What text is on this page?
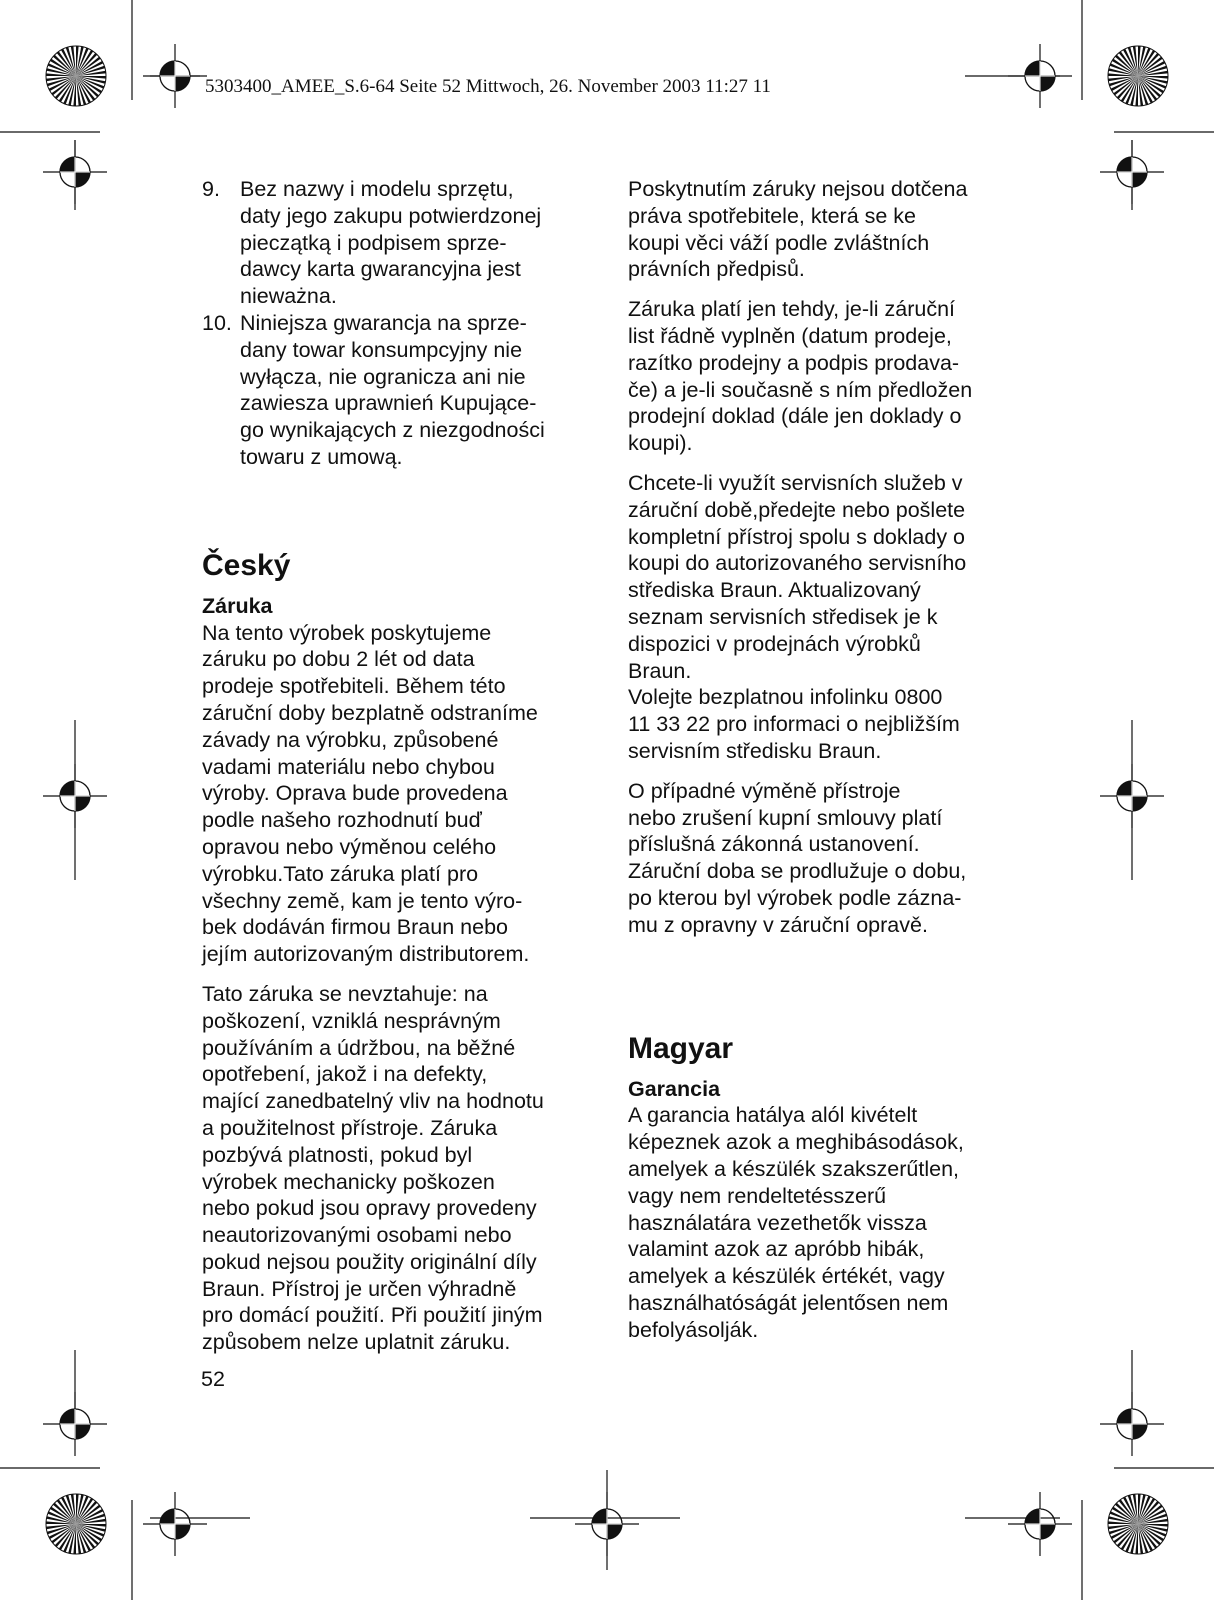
5303400_AMEE_S.6-64 Seite 52 Mittwoch, 26. November 2003 11:27 11
9. Bez nazwy i modelu sprzętu,
daty jego zakupu potwierdzonej
pieczątką i podpisem sprze-
dawcy karta gwarancyjna jest
nieważna.
10. Niniejsza gwarancja na sprze-
dany towar konsumpcyjny nie
wyłącza, nie ogranicza ani nie
zawiesza uprawnień Kupujące-
go wynikających z niezgodności
towaru z umową.
Český
Záruka
Na tento výrobek poskytujeme
záruku po dobu 2 lét od data
prodeje spotřebiteli. Během této
záruční doby bezplatně odstraníme
závady na výrobku, způsobené
vadami materiálu nebo chybou
výroby. Oprava bude provedena
podle našeho rozhodnutí buď
opravou nebo výměnou celého
výrobku.Tato záruka platí pro
všechny země, kam je tento výro-
bek dodáván firmou Braun nebo
jejím autorizovaným distributorem.
Tato záruka se nevztahuje: na
poškození, vzniklá nesprávným
používáním a údržbou, na běžné
opotřebení, jakož i na defekty,
mající zanedbatelný vliv na hodnotu
a použitelnost přístroje. Záruka
pozbývá platnosti, pokud byl
výrobek mechanicky poškozen
nebo pokud jsou opravy provedeny
neautorizovanými osobami nebo
pokud nejsou použity originální díly
Braun. Přístroj je určen výhradně
pro domácí použití. Při použití jiným
způsobem nelze uplatnit záruku.
Poskytnutím záruky nejsou dotčena
práva spotřebitele, která se ke
koupi věci váží podle zvláštních
právních předpisů.
Záruka platí jen tehdy, je-li záruční
list řádně vyplněn (datum prodeje,
razítko prodejny a podpis prodava-
če) a je-li současně s ním předložen
prodejní doklad (dále jen doklady o
koupi).
Chcete-li využít servisních služeb v
záruční době,předejte nebo pošlete
kompletní přístroj spolu s doklady o
koupi do autorizovaného servisního
střediska Braun. Aktualizovaný
seznam servisních středisek je k
dispozici v prodejnách výrobků
Braun.
Volejte bezplatnou infolinku 0800
11 33 22 pro informaci o nejbližším
servisním středisku Braun.
O případné výměně přístroje
nebo zrušení kupní smlouvy platí
příslušná zákonná ustanovení.
Záruční doba se prodlužuje o dobu,
po kterou byl výrobek podle zázna-
mu z opravny v záruční opravě.
Magyar
Garancia
A garancia hatálya alól kivételt
képeznek azok a meghibásodások,
amelyek a készülék szakszerűtlen,
vagy nem rendeltetésszerű
használatára vezethetők vissza
valamint azok az apróbb hibák,
amelyek a készülék értékét, vagy
használhatóságát jelentősen nem
befolyásolják.
52
